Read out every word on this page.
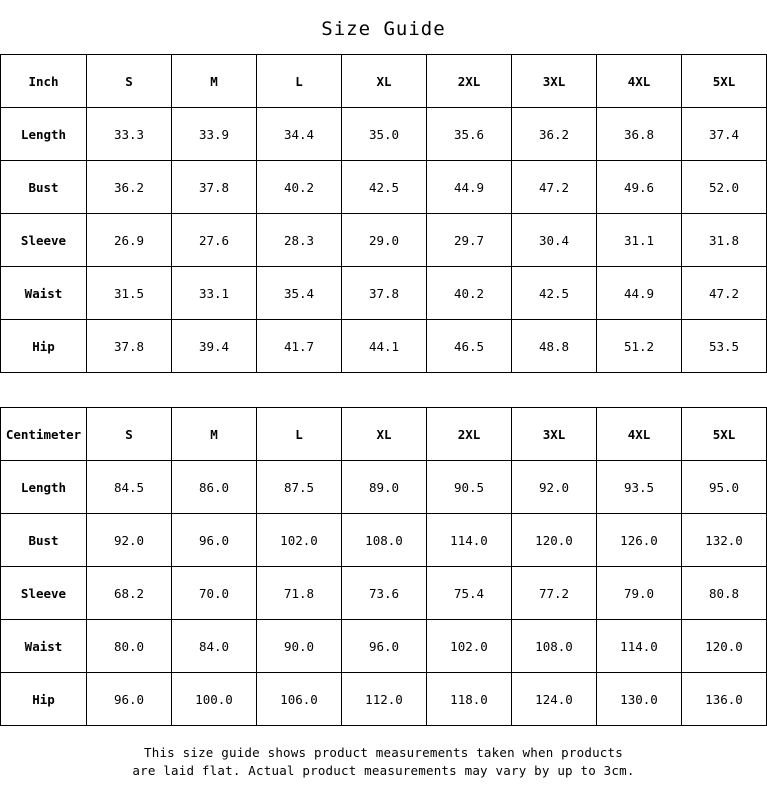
Size Guide
Inch	S	M	L	XL	2XL	3XL	4XL	5XL
Length	33.3	33.9	34.4	35.0	35.6	36.2	36.8	37.4
Bust	36.2	37.8	40.2	42.5	44.9	47.2	49.6	52.0
Sleeve	26.9	27.6	28.3	29.0	29.7	30.4	31.1	31.8
Waist	31.5	33.1	35.4	37.8	40.2	42.5	44.9	47.2
Hip	37.8	39.4	41.7	44.1	46.5	48.8	51.2	53.5
Centimeter	S	M	L	XL	2XL	3XL	4XL	5XL
Length	84.5	86.0	87.5	89.0	90.5	92.0	93.5	95.0
Bust	92.0	96.0	102.0	108.0	114.0	120.0	126.0	132.0
Sleeve	68.2	70.0	71.8	73.6	75.4	77.2	79.0	80.8
Waist	80.0	84.0	90.0	96.0	102.0	108.0	114.0	120.0
Hip	96.0	100.0	106.0	112.0	118.0	124.0	130.0	136.0
This size guide shows product measurements taken when products
are laid flat. Actual product measurements may vary by up to 3cm.
